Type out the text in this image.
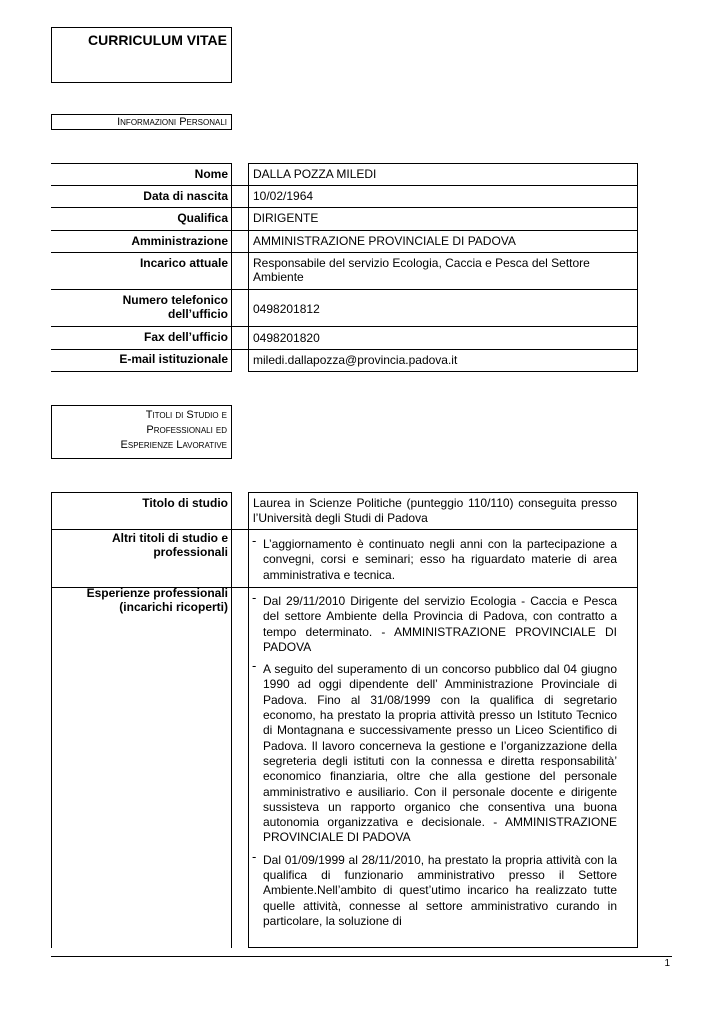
CURRICULUM VITAE
Informazioni Personali
Nome
Data di nascita
Qualifica
Amministrazione
Incarico attuale
Numero telefonico dell’ufficio
Fax dell’ufficio
E-mail istituzionale
DALLA POZZA MILEDI
10/02/1964
DIRIGENTE
AMMINISTRAZIONE PROVINCIALE DI PADOVA
Responsabile del servizio Ecologia, Caccia e Pesca del Settore Ambiente
0498201812
0498201820
miledi.dallapozza@provincia.padova.it
Titoli di Studio e
Professionali ed
Esperienze Lavorative
Titolo di studio
Altri titoli di studio e professionali
Esperienze professionali (incarichi ricoperti)
Laurea in Scienze Politiche (punteggio 110/110) conseguita presso l’Università degli Studi di Padova
- L’aggiornamento è continuato negli anni con la partecipazione a convegni, corsi e seminari; esso ha riguardato materie di area amministrativa e tecnica.
- Dal 29/11/2010 Dirigente del servizio Ecologia - Caccia e Pesca del settore Ambiente della Provincia di Padova, con contratto a tempo determinato. - AMMINISTRAZIONE PROVINCIALE DI PADOVA
- A seguito del superamento di un concorso pubblico dal 04 giugno 1990 ad oggi dipendente dell’ Amministrazione Provinciale di Padova. Fino al 31/08/1999 con la qualifica di segretario economo, ha prestato la propria attività presso un Istituto Tecnico di Montagnana e successivamente presso un Liceo Scientifico di Padova. Il lavoro concerneva la gestione e l’organizzazione della segreteria degli istituti con la connessa e diretta responsabilità’ economico finanziaria, oltre che alla gestione del personale amministrativo e ausiliario. Con il personale docente e dirigente sussisteva un rapporto organico che consentiva una buona autonomia organizzativa e decisionale. - AMMINISTRAZIONE PROVINCIALE DI PADOVA
- Dal 01/09/1999 al 28/11/2010, ha prestato la propria attività con la qualifica di funzionario amministrativo presso il Settore Ambiente.Nell’ambito di quest’utimo incarico ha realizzato tutte quelle attività, connesse al settore amministrativo curando in particolare, la soluzione di
1
